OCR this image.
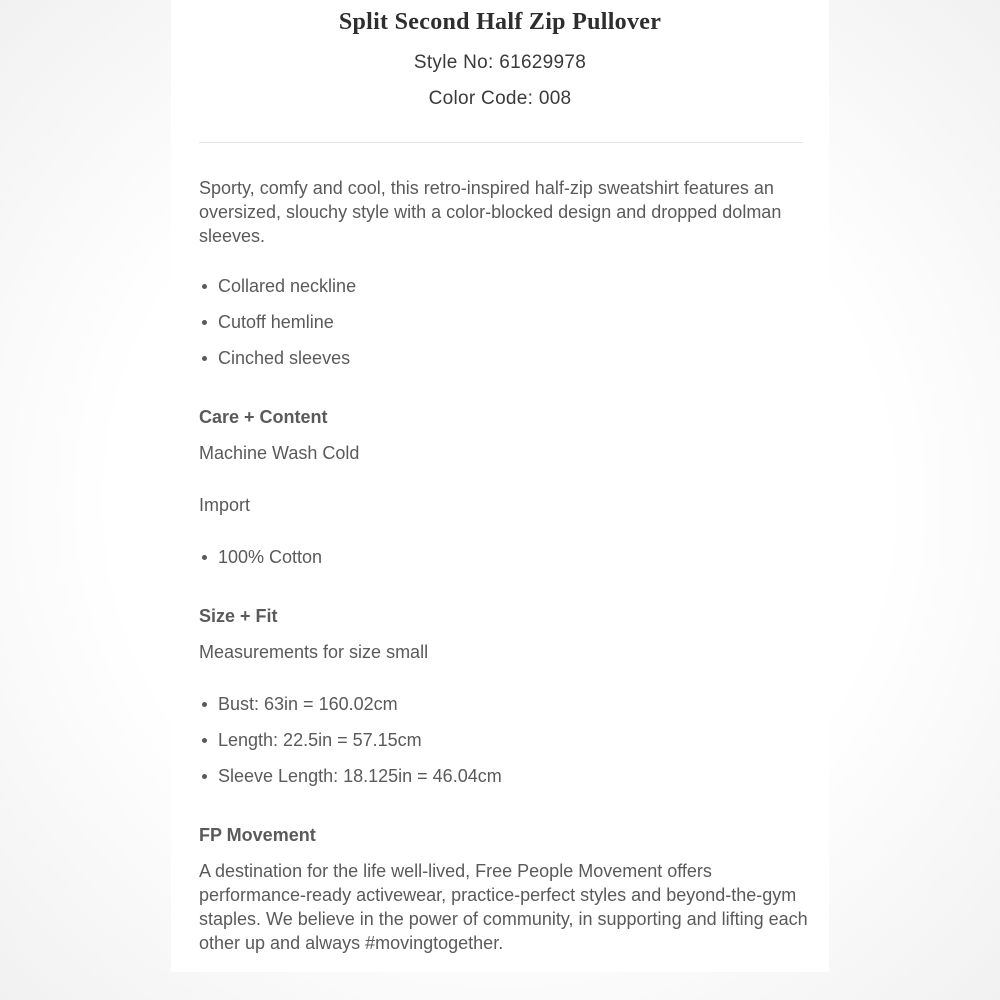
Split Second Half Zip Pullover

Style No: 61629978

Color Code: 008

Sporty, comfy and cool, this retro-inspired half-zip sweatshirt features an oversized, slouchy style with a color-blocked design and dropped dolman sleeves.

Collared neckline
Cutoff hemline
Cinched sleeves

Care + Content

Machine Wash Cold

Import

100% Cotton

Size + Fit

Measurements for size small

Bust: 63in = 160.02cm
Length: 22.5in = 57.15cm
Sleeve Length: 18.125in = 46.04cm

FP Movement

A destination for the life well-lived, Free People Movement offers performance-ready activewear, practice-perfect styles and beyond-the-gym staples. We believe in the power of community, in supporting and lifting each other up and always #movingtogether.
